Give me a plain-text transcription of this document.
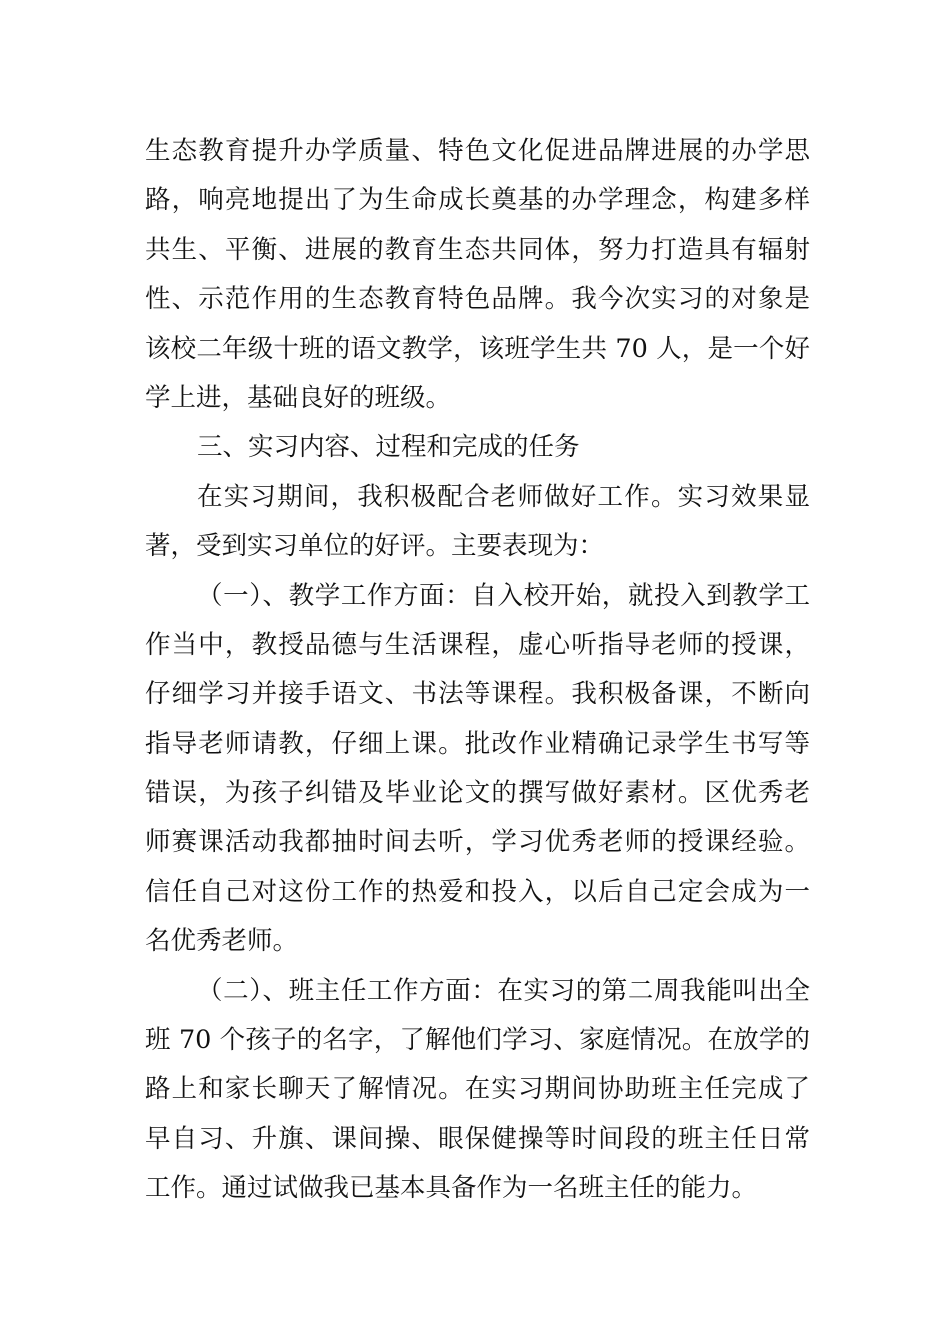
生态教育提升办学质量、特色文化促进品牌进展的办学思
路，响亮地提出了为生命成长奠基的办学理念，构建多样
共生、平衡、进展的教育生态共同体，努力打造具有辐射
性、示范作用的生态教育特色品牌。我今次实习的对象是
该校二年级十班的语文教学，该班学生共 70 人，是一个好
学上进，基础良好的班级。
三、实习内容、过程和完成的任务
在实习期间，我积极配合老师做好工作。实习效果显
著，受到实习单位的好评。主要表现为：
（一）、教学工作方面：自入校开始，就投入到教学工
作当中，教授品德与生活课程，虚心听指导老师的授课，
仔细学习并接手语文、书法等课程。我积极备课，不断向
指导老师请教，仔细上课。批改作业精确记录学生书写等
错误，为孩子纠错及毕业论文的撰写做好素材。区优秀老
师赛课活动我都抽时间去听，学习优秀老师的授课经验。
信任自己对这份工作的热爱和投入，以后自己定会成为一
名优秀老师。
（二）、班主任工作方面：在实习的第二周我能叫出全
班 70 个孩子的名字，了解他们学习、家庭情况。在放学的
路上和家长聊天了解情况。在实习期间协助班主任完成了
早自习、升旗、课间操、眼保健操等时间段的班主任日常
工作。通过试做我已基本具备作为一名班主任的能力。
